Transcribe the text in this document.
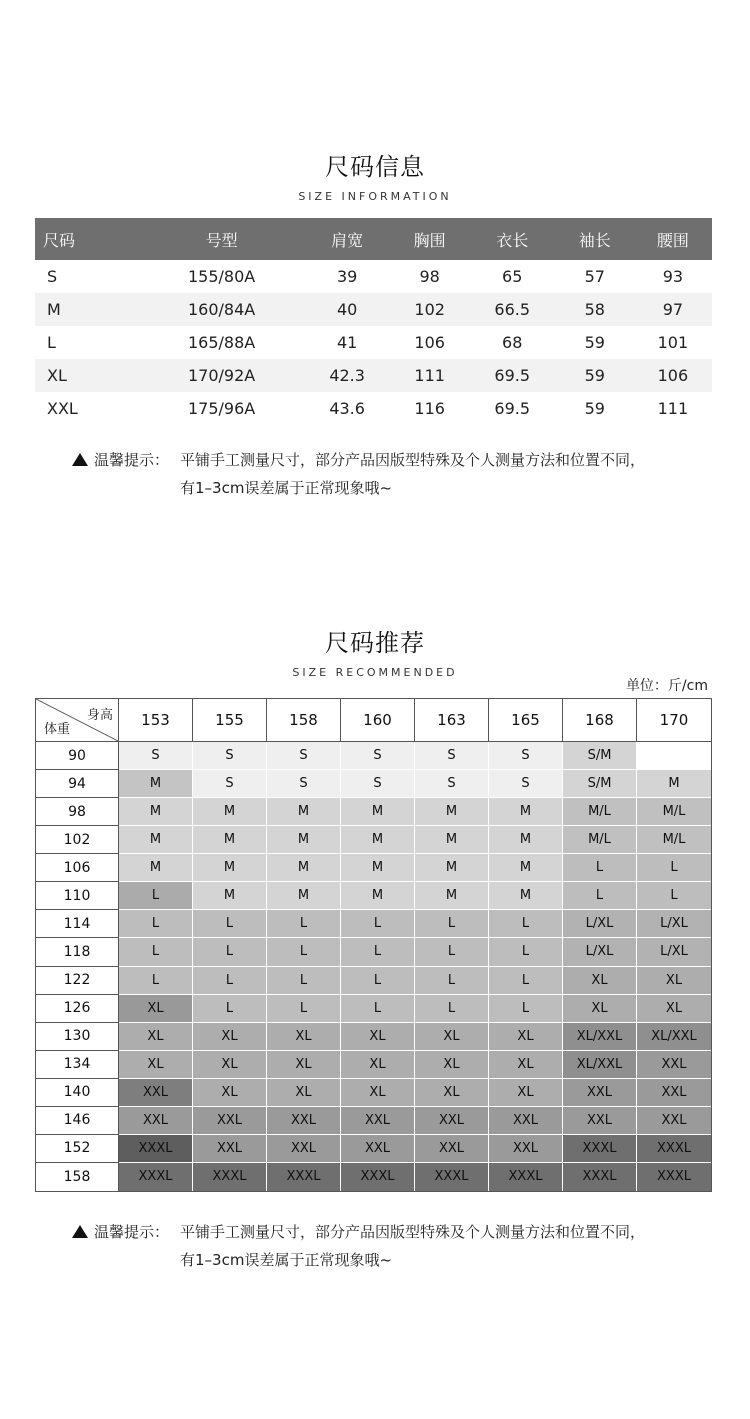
尺码信息
SIZE INFORMATION
尺码	号型	肩宽	胸围	衣长	袖长	腰围
S	155/80A	39	98	65	57	93
M	160/84A	40	102	66.5	58	97
L	165/88A	41	106	68	59	101
XL	170/92A	42.3	111	69.5	59	106
XXL	175/96A	43.6	116	69.5	59	111
温馨提示： 平铺手工测量尺寸，部分产品因版型特殊及个人测量方法和位置不同，
有1–3cm误差属于正常现象哦~
尺码推荐
SIZE RECOMMENDED
单位：斤/cm
身高
体重
153	155	158	160	163	165	168	170
90	S	S	S	S	S	S	S/M
94	M	S	S	S	S	S	S/M	M
98	M	M	M	M	M	M	M/L	M/L
102	M	M	M	M	M	M	M/L	M/L
106	M	M	M	M	M	M	L	L
110	L	M	M	M	M	M	L	L
114	L	L	L	L	L	L	L/XL	L/XL
118	L	L	L	L	L	L	L/XL	L/XL
122	L	L	L	L	L	L	XL	XL
126	XL	L	L	L	L	L	XL	XL
130	XL	XL	XL	XL	XL	XL	XL/XXL	XL/XXL
134	XL	XL	XL	XL	XL	XL	XL/XXL	XXL
140	XXL	XL	XL	XL	XL	XL	XXL	XXL
146	XXL	XXL	XXL	XXL	XXL	XXL	XXL	XXL
152	XXXL	XXL	XXL	XXL	XXL	XXL	XXXL	XXXL
158	XXXL	XXXL	XXXL	XXXL	XXXL	XXXL	XXXL	XXXL
温馨提示： 平铺手工测量尺寸，部分产品因版型特殊及个人测量方法和位置不同，
有1–3cm误差属于正常现象哦~
